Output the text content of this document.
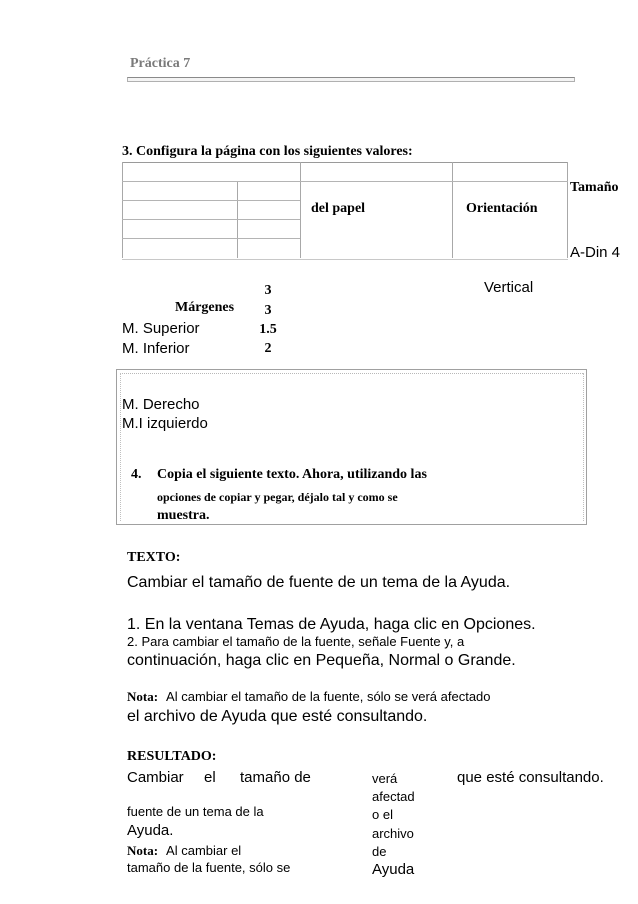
Práctica 7
3. Configura la página con los siguientes valores:
Tamaño
del papel	Orientación
A-Din 4
Vertical
3
Márgenes	3
1.5
2
M. Superior
M. Inferior
M. Derecho
M.I izquierdo
4. Copia el siguiente texto. Ahora, utilizando las
opciones de copiar y pegar, déjalo tal y como se
muestra.
TEXTO:
Cambiar el tamaño de fuente de un tema de la Ayuda.
1. En la ventana Temas de Ayuda, haga clic en Opciones.
2. Para cambiar el tamaño de la fuente, señale Fuente y, a
continuación, haga clic en Pequeña, Normal o Grande.
Nota: Al cambiar el tamaño de la fuente, sólo se verá afectado
el archivo de Ayuda que esté consultando.
RESULTADO:
Cambiar el tamaño de
fuente de un tema de la
Ayuda.
Nota: Al cambiar el
tamaño de la fuente, sólo se
verá
afectad
o el
archivo
de
Ayuda
que esté consultando.
